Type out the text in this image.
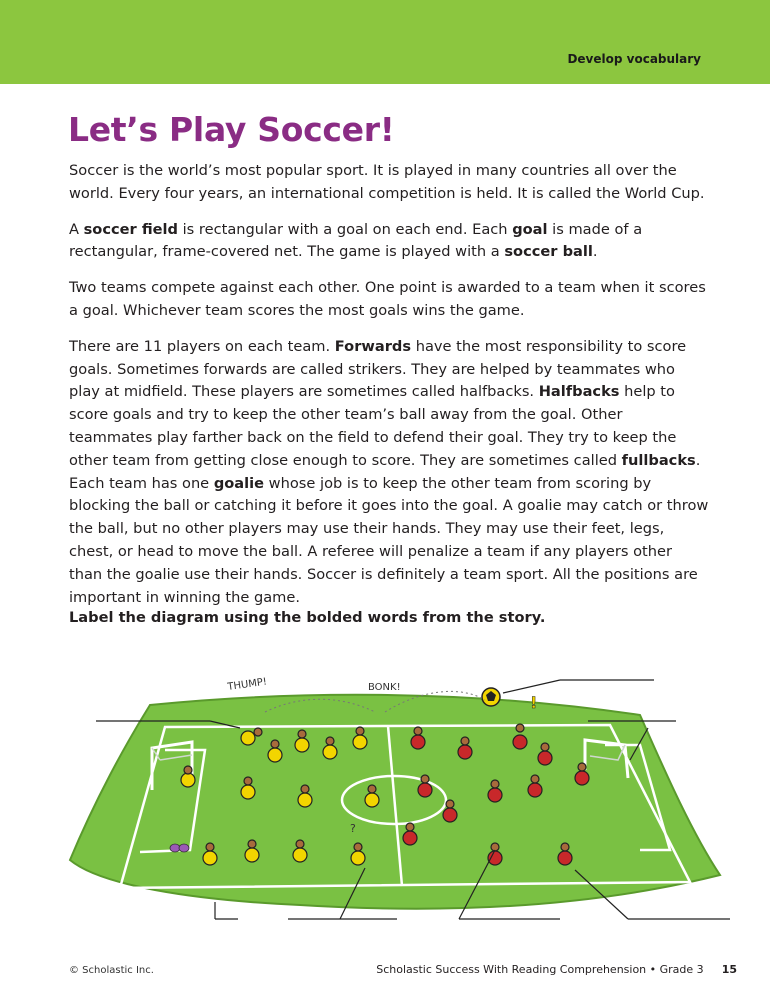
Develop vocabulary
Let’s Play Soccer!

Soccer is the world’s most popular sport. It is played in many countries all over the world. Every four years, an international competition is held. It is called the World Cup.

A soccer field is rectangular with a goal on each end. Each goal is made of a rectangular, frame-covered net. The game is played with a soccer ball.

Two teams compete against each other. One point is awarded to a team when it scores a goal. Whichever team scores the most goals wins the game.

There are 11 players on each team. Forwards have the most responsibility to score goals. Sometimes forwards are called strikers. They are helped by teammates who play at midfield. These players are sometimes called halfbacks. Halfbacks help to score goals and try to keep the other team’s ball away from the goal. Other teammates play farther back on the field to defend their goal. They try to keep the other team from getting close enough to score. They are sometimes called fullbacks. Each team has one goalie whose job is to keep the other team from scoring by blocking the ball or catching it before it goes into the goal. A goalie may catch or throw the ball, but no other players may use their hands. They may use their feet, legs, chest, or head to move the ball. A referee will penalize a team if any players other than the goalie use their hands. Soccer is definitely a team sport. All the positions are important in winning the game.

Label the diagram using the bolded words from the story.
!
THUMP!	BONK!
?
© Scholastic Inc.	Scholastic Success With Reading Comprehension • Grade 3 15
